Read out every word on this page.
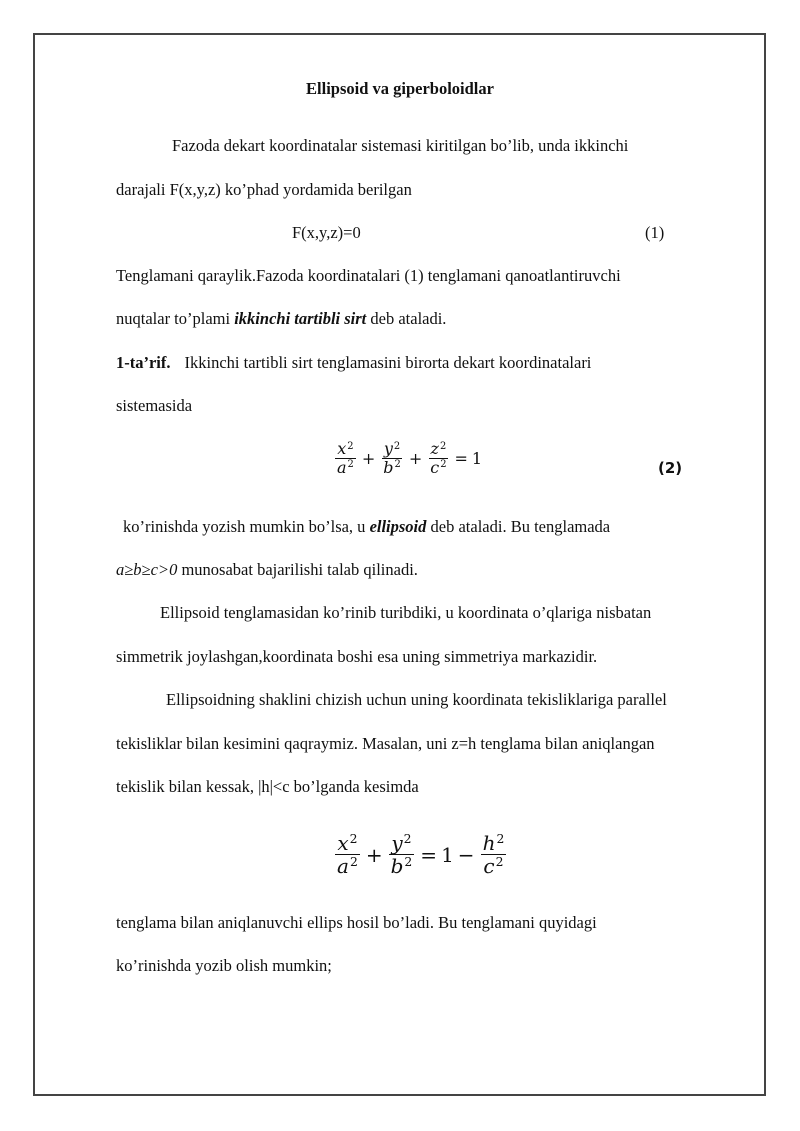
Ellipsoid va giperboloidlar
Fazoda dekart koordinatalar sistemasi kiritilgan bo’lib, unda ikkinchi
darajali F(x,y,z) ko’phad yordamida berilgan
F(x,y,z)=0	(1)
Tenglamani qaraylik.Fazoda koordinatalari (1) tenglamani qanoatlantiruvchi
nuqtalar to’plami ikkinchi tartibli sirt deb ataladi.
1-ta’rif. Ikkinchi tartibli sirt tenglamasini birorta dekart koordinatalari
sistemasida
$\frac{x^2}{a^2} + \frac{y^2}{b^2} + \frac{z^2}{c^2} = 1$
(2)
ko’rinishda yozish mumkin bo’lsa, u ellipsoid deb ataladi. Bu tenglamada
a≥b≥c>0 munosabat bajarilishi talab qilinadi.
Ellipsoid tenglamasidan ko’rinib turibdiki, u koordinata o’qlariga nisbatan
simmetrik joylashgan,koordinata boshi esa uning simmetriya markazidir.
Ellipsoidning shaklini chizish uchun uning koordinata tekisliklariga parallel
tekisliklar bilan kesimini qaqraymiz. Masalan, uni z=h tenglama bilan aniqlangan
tekislik bilan kessak, |h|<c bo’lganda kesimda
$\frac{x^2}{a^2} + \frac{y^2}{b^2} = 1 - \frac{h^2}{c^2}$
tenglama bilan aniqlanuvchi ellips hosil bo’ladi. Bu tenglamani quyidagi
ko’rinishda yozib olish mumkin;
